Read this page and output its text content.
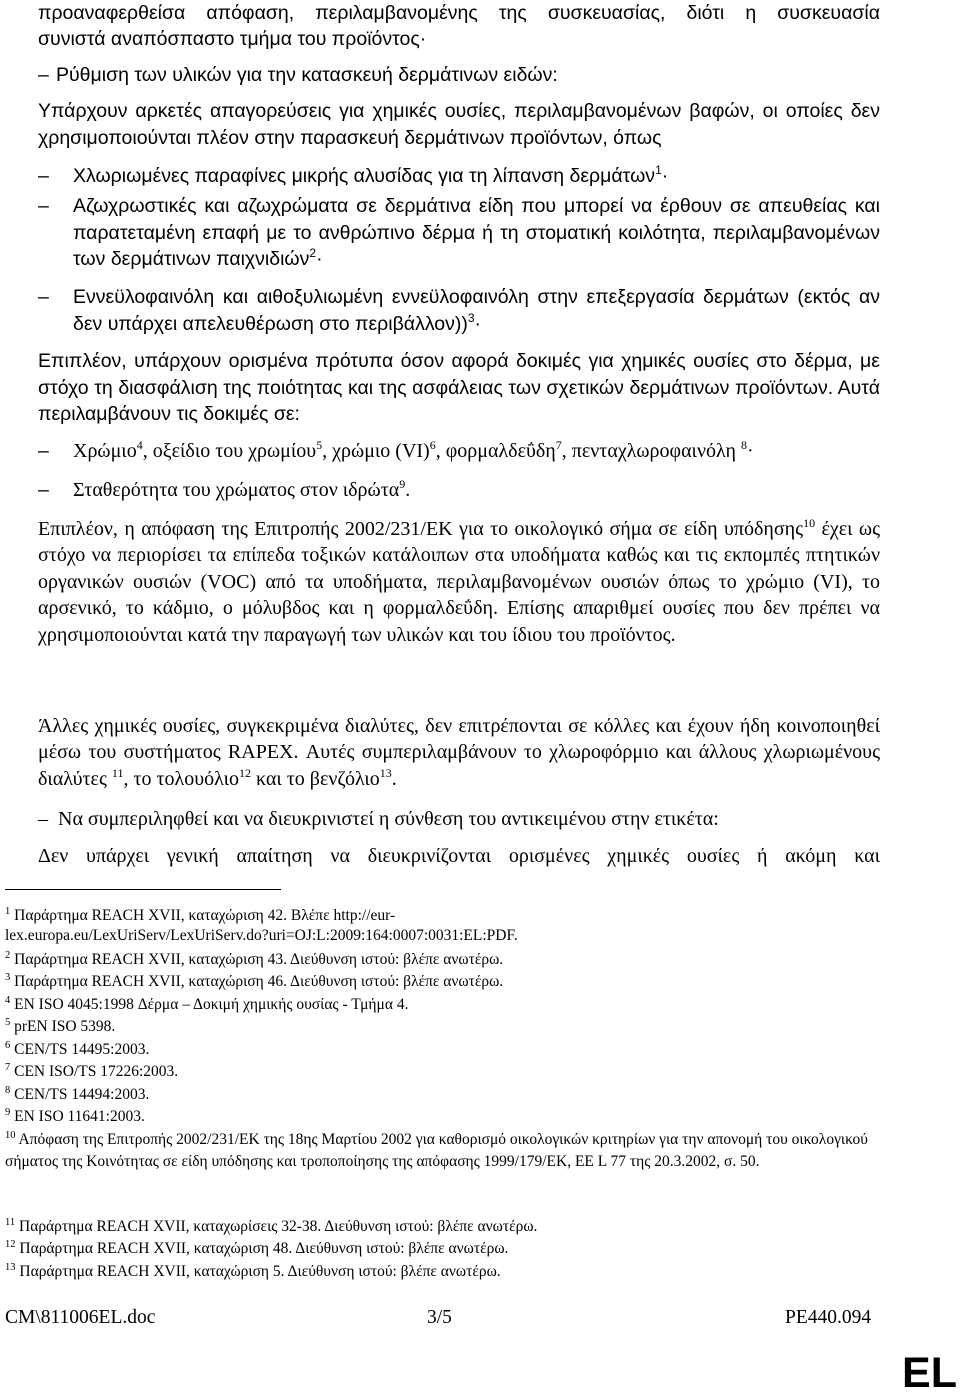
προαναφερθείσα απόφαση, περιλαμβανομένης της συσκευασίας, διότι η συσκευασία
συνιστά αναπόσπαστο τμήμα του προϊόντος·
– Ρύθμιση των υλικών για την κατασκευή δερμάτινων ειδών:
Υπάρχουν αρκετές απαγορεύσεις για χημικές ουσίες, περιλαμβανομένων βαφών, οι οποίες δεν χρησιμοποιούνται πλέον στην παρασκευή δερμάτινων προϊόντων, όπως
– Χλωριωμένες παραφίνες μικρής αλυσίδας για τη λίπανση δερμάτων$^1$·
– Αζωχρωστικές και αζωχρώματα σε δερμάτινα είδη που μπορεί να έρθουν σε απευθείας και παρατεταμένη επαφή με το ανθρώπινο δέρμα ή τη στοματική κοιλότητα, περιλαμβανομένων των δερμάτινων παιχνιδιών$^2$·
– Εννεϋλοφαινόλη και αιθοξυλιωμένη εννεϋλοφαινόλη στην επεξεργασία δερμάτων (εκτός αν δεν υπάρχει απελευθέρωση στο περιβάλλον))$^3$·
Επιπλέον, υπάρχουν ορισμένα πρότυπα όσον αφορά δοκιμές για χημικές ουσίες στο δέρμα, με στόχο τη διασφάλιση της ποιότητας και της ασφάλειας των σχετικών δερμάτινων προϊόντων. Αυτά περιλαμβάνουν τις δοκιμές σε:
– Χρώμιο$^4$, οξείδιο του χρωμίου$^5$, χρώμιο (VI)$^6$, φορμαλδεΰδη$^7$, πενταχλωροφαινόλη $^8$·
– Σταθερότητα του χρώματος στον ιδρώτα$^9$.
Επιπλέον, η απόφαση της Επιτροπής 2002/231/ΕΚ για το οικολογικό σήμα σε είδη υπόδησης$^{10}$ έχει ως στόχο να περιορίσει τα επίπεδα τοξικών κατάλοιπων στα υποδήματα καθώς και τις εκπομπές πτητικών οργανικών ουσιών (VOC) από τα υποδήματα, περιλαμβανομένων ουσιών όπως το χρώμιο (VI), το αρσενικό, το κάδμιο, ο μόλυβδος και η φορμαλδεΰδη. Επίσης απαριθμεί ουσίες που δεν πρέπει να χρησιμοποιούνται κατά την παραγωγή των υλικών και του ίδιου του προϊόντος.
Άλλες χημικές ουσίες, συγκεκριμένα διαλύτες, δεν επιτρέπονται σε κόλλες και έχουν ήδη κοινοποιηθεί μέσω του συστήματος RAPEX. Αυτές συμπεριλαμβάνουν το χλωροφόρμιο και άλλους χλωριωμένους διαλύτες $^{11}$, το τολουόλιο$^{12}$ και το βενζόλιο$^{13}$.
– Να συμπεριληφθεί και να διευκρινιστεί η σύνθεση του αντικειμένου στην ετικέτα:
Δεν υπάρχει γενική απαίτηση να διευκρινίζονται ορισμένες χημικές ουσίες ή ακόμη και
$^1$ Παράρτημα REACH XVII, καταχώριση 42. Βλέπε http://eur-
lex.europa.eu/LexUriServ/LexUriServ.do?uri=OJ:L:2009:164:0007:0031:EL:PDF.
$^2$ Παράρτημα REACH XVII, καταχώριση 43. Διεύθυνση ιστού: βλέπε ανωτέρω.
$^3$ Παράρτημα REACH XVII, καταχώριση 46. Διεύθυνση ιστού: βλέπε ανωτέρω.
$^4$ EN ISO 4045:1998 Δέρμα – Δοκιμή χημικής ουσίας - Τμήμα 4.
$^5$ prEN ISO 5398.
$^6$ CEN/TS 14495:2003.
$^7$ CEN ISO/TS 17226:2003.
$^8$ CEN/TS 14494:2003.
$^9$ EN ISO 11641:2003.
$^{10}$ Απόφαση της Επιτροπής 2002/231/ΕΚ της 18ης Μαρτίου 2002 για καθορισμό οικολογικών κριτηρίων για την απονομή του οικολογικού σήματος της Κοινότητας σε είδη υπόδησης και τροποποίησης της απόφασης 1999/179/ΕΚ, ΕΕ L 77 της 20.3.2002, σ. 50.
$^{11}$ Παράρτημα REACH XVII, καταχωρίσεις 32-38. Διεύθυνση ιστού: βλέπε ανωτέρω.
$^{12}$ Παράρτημα REACH XVII, καταχώριση 48. Διεύθυνση ιστού: βλέπε ανωτέρω.
$^{13}$ Παράρτημα REACH XVII, καταχώριση 5. Διεύθυνση ιστού: βλέπε ανωτέρω.
CM\811006EL.doc	3/5	PE440.094
EL
